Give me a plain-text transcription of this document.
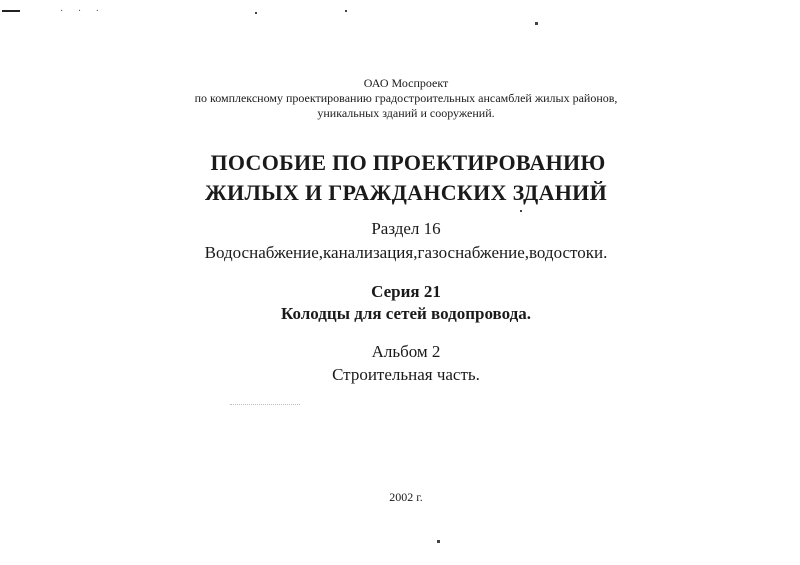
· · ·
ОАО Моспроект
по комплексному проектированию градостроительных ансамблей жилых районов,
уникальных зданий и сооружений.
ПОСОБИЕ ПО ПРОЕКТИРОВАНИЮ
ЖИЛЫХ И ГРАЖДАНСКИХ ЗДАНИЙ
Раздел 16
Водоснабжение,канализация,газоснабжение,водостоки.
Серия 21
Колодцы для сетей водопровода.
Альбом 2
Строительная часть.
2002 г.
